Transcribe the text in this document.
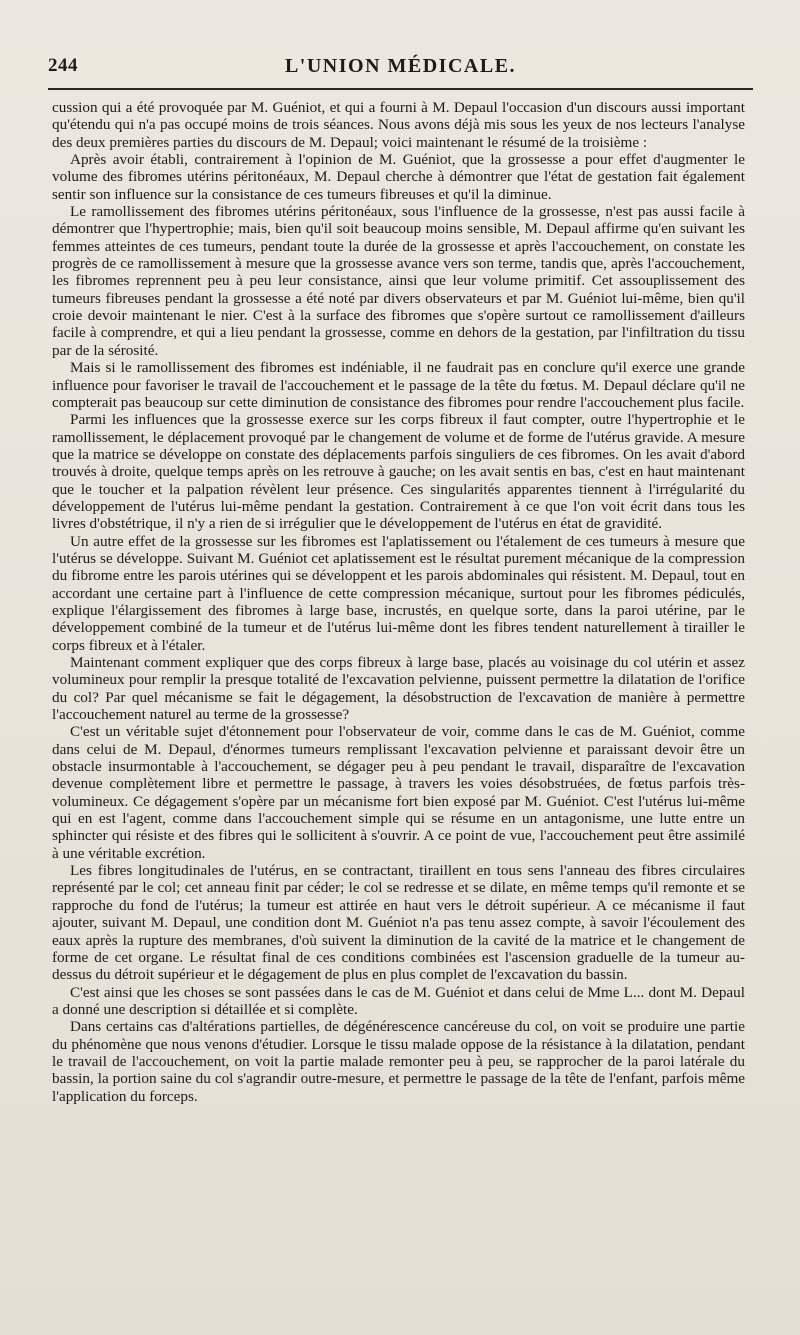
244	L'UNION MÉDICALE.

cussion qui a été provoquée par M. Guéniot, et qui a fourni à M. Depaul l'occasion d'un discours aussi important qu'étendu qui n'a pas occupé moins de trois séances. Nous avons déjà mis sous les yeux de nos lecteurs l'analyse des deux premières parties du discours de M. Depaul; voici maintenant le résumé de la troisième :

Après avoir établi, contrairement à l'opinion de M. Guéniot, que la grossesse a pour effet d'augmenter le volume des fibromes utérins péritonéaux, M. Depaul cherche à démontrer que l'état de gestation fait également sentir son influence sur la consistance de ces tumeurs fibreuses et qu'il la diminue.

Le ramollissement des fibromes utérins péritonéaux, sous l'influence de la grossesse, n'est pas aussi facile à démontrer que l'hypertrophie; mais, bien qu'il soit beaucoup moins sensible, M. Depaul affirme qu'en suivant les femmes atteintes de ces tumeurs, pendant toute la durée de la grossesse et après l'accouchement, on constate les progrès de ce ramollissement à mesure que la grossesse avance vers son terme, tandis que, après l'accouchement, les fibromes reprennent peu à peu leur consistance, ainsi que leur volume primitif. Cet assouplissement des tumeurs fibreuses pendant la grossesse a été noté par divers observateurs et par M. Guéniot lui-même, bien qu'il croie devoir maintenant le nier. C'est à la surface des fibromes que s'opère surtout ce ramollissement d'ailleurs facile à comprendre, et qui a lieu pendant la grossesse, comme en dehors de la gestation, par l'infiltration du tissu par de la sérosité.

Mais si le ramollissement des fibromes est indéniable, il ne faudrait pas en conclure qu'il exerce une grande influence pour favoriser le travail de l'accouchement et le passage de la tête du fœtus. M. Depaul déclare qu'il ne compterait pas beaucoup sur cette diminution de consistance des fibromes pour rendre l'accouchement plus facile.

Parmi les influences que la grossesse exerce sur les corps fibreux il faut compter, outre l'hypertrophie et le ramollissement, le déplacement provoqué par le changement de volume et de forme de l'utérus gravide. A mesure que la matrice se développe on constate des déplacements parfois singuliers de ces fibromes. On les avait d'abord trouvés à droite, quelque temps après on les retrouve à gauche; on les avait sentis en bas, c'est en haut maintenant que le toucher et la palpation révèlent leur présence. Ces singularités apparentes tiennent à l'irrégularité du développement de l'utérus lui-même pendant la gestation. Contrairement à ce que l'on voit écrit dans tous les livres d'obstétrique, il n'y a rien de si irrégulier que le développement de l'utérus en état de gravidité.

Un autre effet de la grossesse sur les fibromes est l'aplatissement ou l'étalement de ces tumeurs à mesure que l'utérus se développe. Suivant M. Guéniot cet aplatissement est le résultat purement mécanique de la compression du fibrome entre les parois utérines qui se développent et les parois abdominales qui résistent. M. Depaul, tout en accordant une certaine part à l'influence de cette compression mécanique, surtout pour les fibromes pédiculés, explique l'élargissement des fibromes à large base, incrustés, en quelque sorte, dans la paroi utérine, par le développement combiné de la tumeur et de l'utérus lui-même dont les fibres tendent naturellement à tirailler le corps fibreux et à l'étaler.

Maintenant comment expliquer que des corps fibreux à large base, placés au voisinage du col utérin et assez volumineux pour remplir la presque totalité de l'excavation pelvienne, puissent permettre la dilatation de l'orifice du col? Par quel mécanisme se fait le dégagement, la désobstruction de l'excavation de manière à permettre l'accouchement naturel au terme de la grossesse?

C'est un véritable sujet d'étonnement pour l'observateur de voir, comme dans le cas de M. Guéniot, comme dans celui de M. Depaul, d'énormes tumeurs remplissant l'excavation pelvienne et paraissant devoir être un obstacle insurmontable à l'accouchement, se dégager peu à peu pendant le travail, disparaître de l'excavation devenue complètement libre et permettre le passage, à travers les voies désobstruées, de fœtus parfois très-volumineux. Ce dégagement s'opère par un mécanisme fort bien exposé par M. Guéniot. C'est l'utérus lui-même qui en est l'agent, comme dans l'accouchement simple qui se résume en un antagonisme, une lutte entre un sphincter qui résiste et des fibres qui le sollicitent à s'ouvrir. A ce point de vue, l'accouchement peut être assimilé à une véritable excrétion.

Les fibres longitudinales de l'utérus, en se contractant, tiraillent en tous sens l'anneau des fibres circulaires représenté par le col; cet anneau finit par céder; le col se redresse et se dilate, en même temps qu'il remonte et se rapproche du fond de l'utérus; la tumeur est attirée en haut vers le détroit supérieur. A ce mécanisme il faut ajouter, suivant M. Depaul, une condition dont M. Guéniot n'a pas tenu assez compte, à savoir l'écoulement des eaux après la rupture des membranes, d'où suivent la diminution de la cavité de la matrice et le changement de forme de cet organe. Le résultat final de ces conditions combinées est l'ascension graduelle de la tumeur au-dessus du détroit supérieur et le dégagement de plus en plus complet de l'excavation du bassin.

C'est ainsi que les choses se sont passées dans le cas de M. Guéniot et dans celui de Mme L... dont M. Depaul a donné une description si détaillée et si complète.

Dans certains cas d'altérations partielles, de dégénérescence cancéreuse du col, on voit se produire une partie du phénomène que nous venons d'étudier. Lorsque le tissu malade oppose de la résistance à la dilatation, pendant le travail de l'accouchement, on voit la partie malade remonter peu à peu, se rapprocher de la paroi latérale du bassin, la portion saine du col s'agrandir outre-mesure, et permettre le passage de la tête de l'enfant, parfois même l'application du forceps.
